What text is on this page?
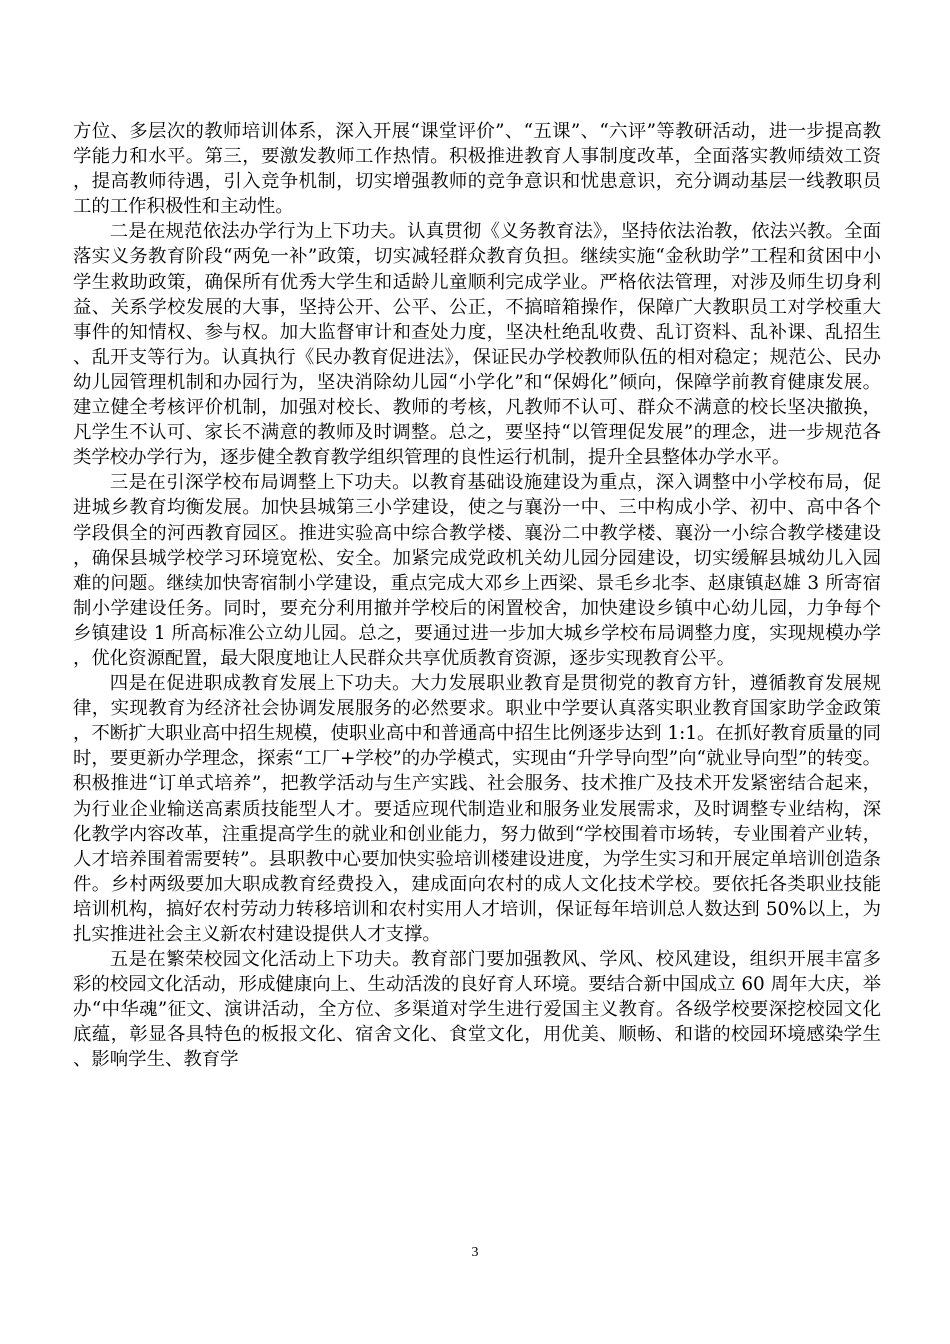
方位、多层次的教师培训体系，深入开展“课堂评价”、“五课”、“六评”等教研活动，进一步提高教学能力和水平。第三，要激发教师工作热情。积极推进教育人事制度改革，全面落实教师绩效工资，提高教师待遇，引入竞争机制，切实增强教师的竞争意识和忧患意识，充分调动基层一线教职员工的工作积极性和主动性。

二是在规范依法办学行为上下功夫。认真贯彻《义务教育法》，坚持依法治教，依法兴教。全面落实义务教育阶段“两免一补”政策，切实减轻群众教育负担。继续实施“金秋助学”工程和贫困中小学生救助政策，确保所有优秀大学生和适龄儿童顺利完成学业。严格依法管理，对涉及师生切身利益、关系学校发展的大事，坚持公开、公平、公正，不搞暗箱操作，保障广大教职员工对学校重大事件的知情权、参与权。加大监督审计和查处力度，坚决杜绝乱收费、乱订资料、乱补课、乱招生、乱开支等行为。认真执行《民办教育促进法》，保证民办学校教师队伍的相对稳定；规范公、民办幼儿园管理机制和办园行为，坚决消除幼儿园“小学化”和“保姆化”倾向，保障学前教育健康发展。建立健全考核评价机制，加强对校长、教师的考核，凡教师不认可、群众不满意的校长坚决撤换，凡学生不认可、家长不满意的教师及时调整。总之，要坚持“以管理促发展”的理念，进一步规范各类学校办学行为，逐步健全教育教学组织管理的良性运行机制，提升全县整体办学水平。

三是在引深学校布局调整上下功夫。以教育基础设施建设为重点，深入调整中小学校布局，促进城乡教育均衡发展。加快县城第三小学建设，使之与襄汾一中、三中构成小学、初中、高中各个学段俱全的河西教育园区。推进实验高中综合教学楼、襄汾二中教学楼、襄汾一小综合教学楼建设，确保县城学校学习环境宽松、安全。加紧完成党政机关幼儿园分园建设，切实缓解县城幼儿入园难的问题。继续加快寄宿制小学建设，重点完成大邓乡上西梁、景毛乡北李、赵康镇赵雄 3 所寄宿制小学建设任务。同时，要充分利用撤并学校后的闲置校舍，加快建设乡镇中心幼儿园，力争每个乡镇建设 1 所高标准公立幼儿园。总之，要通过进一步加大城乡学校布局调整力度，实现规模办学，优化资源配置，最大限度地让人民群众共享优质教育资源，逐步实现教育公平。

四是在促进职成教育发展上下功夫。大力发展职业教育是贯彻党的教育方针，遵循教育发展规律，实现教育为经济社会协调发展服务的必然要求。职业中学要认真落实职业教育国家助学金政策，不断扩大职业高中招生规模，使职业高中和普通高中招生比例逐步达到 1:1。在抓好教育质量的同时，要更新办学理念，探索“工厂+学校”的办学模式，实现由“升学导向型”向“就业导向型”的转变。积极推进“订单式培养”，把教学活动与生产实践、社会服务、技术推广及技术开发紧密结合起来，为行业企业输送高素质技能型人才。要适应现代制造业和服务业发展需求，及时调整专业结构，深化教学内容改革，注重提高学生的就业和创业能力，努力做到“学校围着市场转，专业围着产业转，人才培养围着需要转”。县职教中心要加快实验培训楼建设进度，为学生实习和开展定单培训创造条件。乡村两级要加大职成教育经费投入，建成面向农村的成人文化技术学校。要依托各类职业技能培训机构，搞好农村劳动力转移培训和农村实用人才培训，保证每年培训总人数达到 50%以上，为扎实推进社会主义新农村建设提供人才支撑。

五是在繁荣校园文化活动上下功夫。教育部门要加强教风、学风、校风建设，组织开展丰富多彩的校园文化活动，形成健康向上、生动活泼的良好育人环境。要结合新中国成立 60 周年大庆，举办“中华魂”征文、演讲活动，全方位、多渠道对学生进行爱国主义教育。各级学校要深挖校园文化底蕴，彰显各具特色的板报文化、宿舍文化、食堂文化，用优美、顺畅、和谐的校园环境感染学生、影响学生、教育学

3
